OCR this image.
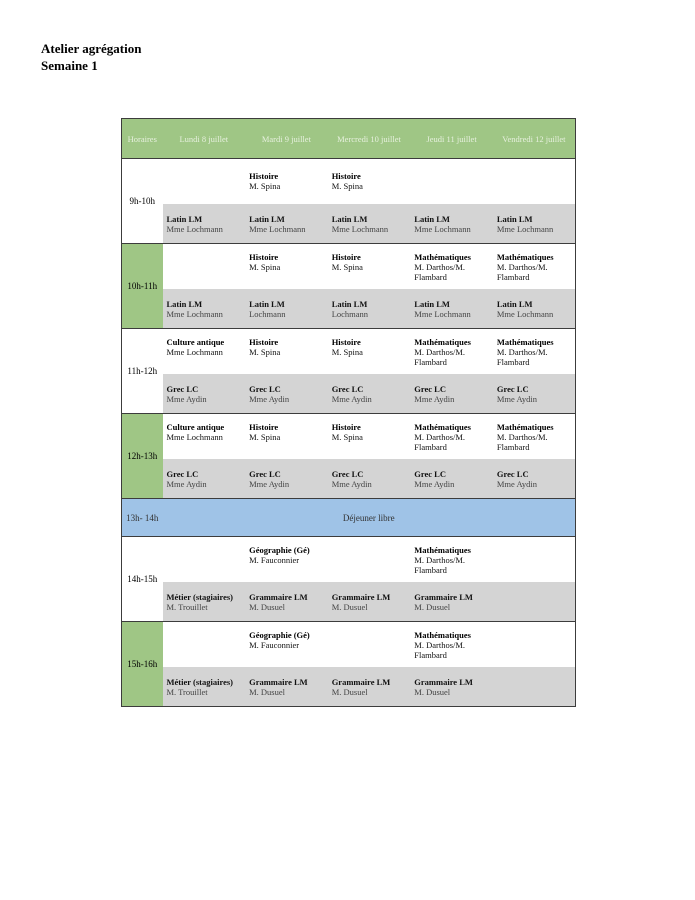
Atelier agrégation
Semaine 1
Horaires	Lundi 8 juillet	Mardi 9 juillet	Mercredi 10 juillet	Jeudi 11 juillet	Vendredi 12 juillet
9h-10h		Histoire
M. Spina	Histoire
M. Spina		

	Latin LM
Mme Lochmann	Latin LM
Mme Lochmann	Latin LM
Mme Lochmann	Latin LM
Mme Lochmann	Latin LM
Mme Lochmann

10h-11h		Histoire
M. Spina	Histoire
M. Spina	Mathématiques
M. Darthos/M. Flambard	Mathématiques
M. Darthos/M. Flambard

	Latin LM
Mme Lochmann	Latin LM
Lochmann	Latin LM
Lochmann	Latin LM
Mme Lochmann	Latin LM
Mme Lochmann

11h-12h	Culture antique
Mme Lochmann	Histoire
M. Spina	Histoire
M. Spina	Mathématiques
M. Darthos/M. Flambard	Mathématiques
M. Darthos/M. Flambard

	Grec LC
Mme Aydin	Grec LC
Mme Aydin	Grec LC
Mme Aydin	Grec LC
Mme Aydin	Grec LC
Mme Aydin

12h-13h	Culture antique
Mme Lochmann	Histoire
M. Spina	Histoire
M. Spina	Mathématiques
M. Darthos/M. Flambard	Mathématiques
M. Darthos/M. Flambard

	Grec LC
Mme Aydin	Grec LC
Mme Aydin	Grec LC
Mme Aydin	Grec LC
Mme Aydin	Grec LC
Mme Aydin

13h- 14h	Déjeuner libre				
14h-15h		Géographie (Gé)
M. Fauconnier		Mathématiques
M. Darthos/M. Flambard	

	Métier (stagiaires)
M. Trouillet	Grammaire LM
M. Dusuel	Grammaire LM
M. Dusuel	Grammaire LM
M. Dusuel	

15h-16h		Géographie (Gé)
M. Fauconnier		Mathématiques
M. Darthos/M. Flambard	

	Métier (stagiaires)
M. Trouillet	Grammaire LM
M. Dusuel	Grammaire LM
M. Dusuel	Grammaire LM
M. Dusuel	
